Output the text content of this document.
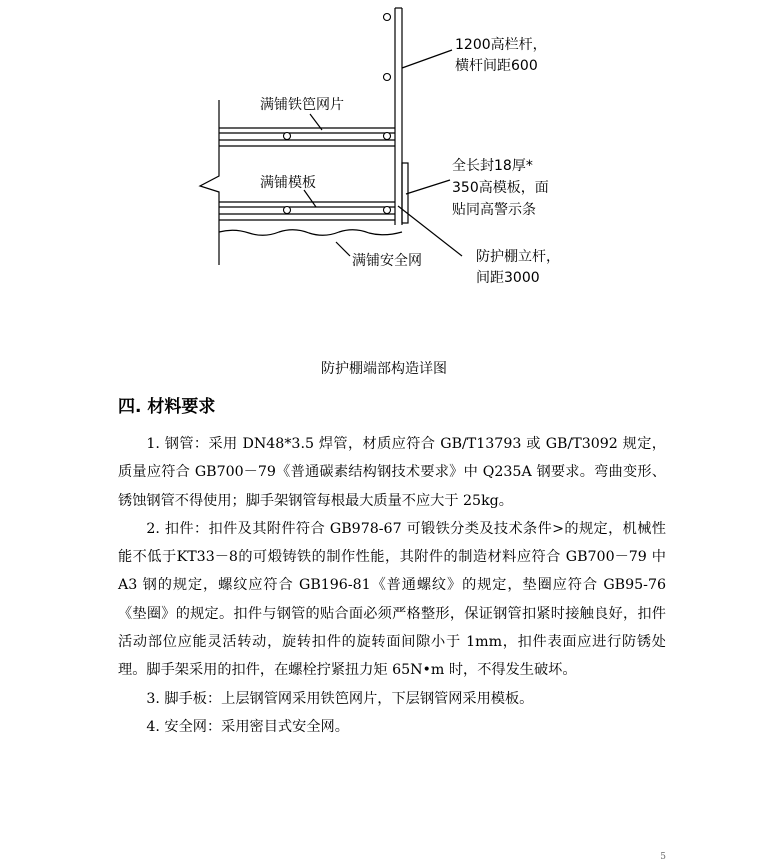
1200高栏杆，
横杆间距600
满铺铁笆网片
满铺模板
全长封18厚*
350高模板，面
贴同高警示条
满铺安全网	防护棚立杆，
间距3000
防护棚端部构造详图
四. 材料要求

1. 钢管：采用 DN48*3.5 焊管，材质应符合 GB/T13793 或 GB/T3092 规定，质量应符合 GB700－79《普通碳素结构钢技术要求》中 Q235A 钢要求。弯曲变形、锈蚀钢管不得使用；脚手架钢管每根最大质量不应大于 25kg。

2. 扣件：扣件及其附件符合 GB978-67 可锻铁分类及技术条件>的规定，机械性能不低于KT33－8的可煅铸铁的制作性能，其附件的制造材料应符合 GB700－79 中 A3 钢的规定，螺纹应符合 GB196-81《普通螺纹》的规定，垫圈应符合 GB95-76《垫圈》的规定。扣件与钢管的贴合面必须严格整形，保证钢管扣紧时接触良好，扣件活动部位应能灵活转动，旋转扣件的旋转面间隙小于 1mm，扣件表面应进行防锈处理。脚手架采用的扣件，在螺栓拧紧扭力矩 65N•m 时，不得发生破坏。

3. 脚手板：上层钢管网采用铁笆网片，下层钢管网采用模板。

4. 安全网：采用密目式安全网。

5
